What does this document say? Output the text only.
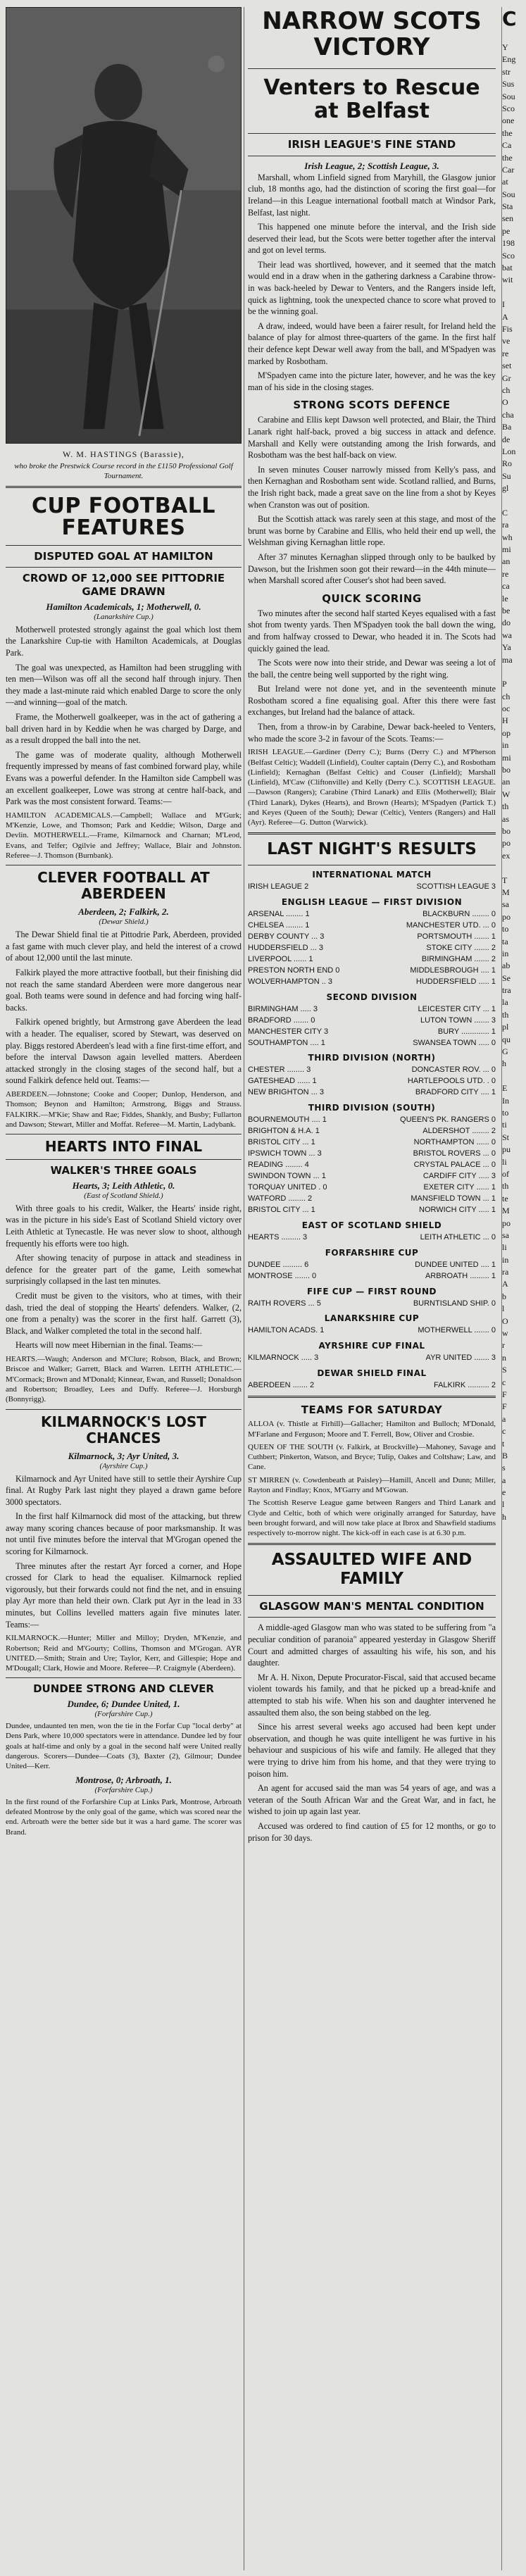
W. M. HASTINGS (Barassie),
who broke the Prestwick Course record in the £1150 Professional Golf Tournament.
CUP FOOTBALL FEATURES
DISPUTED GOAL AT HAMILTON
CROWD OF 12,000 SEE PITTODRIE GAME DRAWN
Hamilton Academicals, 1; Motherwell, 0.
(Lanarkshire Cup.)

Motherwell protested strongly against the goal which lost them the Lanarkshire Cup-tie with Hamilton Academicals, at Douglas Park.

The goal was unexpected, as Hamilton had been struggling with ten men—Wilson was off all the second half through injury. Then they made a last-minute raid which enabled Darge to score the only—and winning—goal of the match.

Frame, the Motherwell goalkeeper, was in the act of gathering a ball driven hard in by Keddie when he was charged by Darge, and as a result dropped the ball into the net.

The game was of moderate quality, although Motherwell frequently impressed by means of fast combined forward play, while Evans was a powerful defender. In the Hamilton side Campbell was an excellent goalkeeper, Lowe was strong at centre half-back, and Park was the most consistent forward. Teams:—

HAMILTON ACADEMICALS.—Campbell; Wallace and M'Gurk; M'Kenzie, Lowe, and Thomson; Park and Keddie; Wilson, Darge and Devlin. MOTHERWELL.—Frame, Kilmarnock and Charnan; M'Leod, Evans, and Telfer; Ogilvie and Jeffrey; Wallace, Blair and Johnston. Referee—J. Thomson (Burnbank).

CLEVER FOOTBALL AT ABERDEEN
Aberdeen, 2; Falkirk, 2.
(Dewar Shield.)

The Dewar Shield final tie at Pittodrie Park, Aberdeen, provided a fast game with much clever play, and held the interest of a crowd of about 12,000 until the last minute.

Falkirk played the more attractive football, but their finishing did not reach the same standard Aberdeen were more dangerous near goal. Both teams were sound in defence and had forcing wing half-backs.

Falkirk opened brightly, but Armstrong gave Aberdeen the lead with a header. The equaliser, scored by Stewart, was deserved on play. Biggs restored Aberdeen's lead with a fine first-time effort, and before the interval Dawson again levelled matters. Aberdeen attacked strongly in the closing stages of the second half, but a sound Falkirk defence held out. Teams:—

ABERDEEN.—Johnstone; Cooke and Cooper; Dunlop, Henderson, and Thomson; Beynon and Hamilton; Armstrong, Biggs and Strauss. FALKIRK.—M'Kie; Shaw and Rae; Fiddes, Shankly, and Busby; Fullarton and Dawson; Stewart, Miller and Moffat. Referee—M. Martin, Ladybank.

HEARTS INTO FINAL
WALKER'S THREE GOALS
Hearts, 3; Leith Athletic, 0.
(East of Scotland Shield.)

With three goals to his credit, Walker, the Hearts' inside right, was in the picture in his side's East of Scotland Shield victory over Leith Athletic at Tynecastle. He was never slow to shoot, although frequently his efforts were too high.

After showing tenacity of purpose in attack and steadiness in defence for the greater part of the game, Leith somewhat surprisingly collapsed in the last ten minutes.

Credit must be given to the visitors, who at times, with their dash, tried the deal of stopping the Hearts' defenders. Walker, (2, one from a penalty) was the scorer in the first half. Garrett (3), Black, and Walker completed the total in the second half.

Hearts will now meet Hibernian in the final. Teams:—

HEARTS.—Waugh; Anderson and M'Clure; Robson, Black, and Brown; Briscoe and Walker; Garrett, Black and Warren. LEITH ATHLETIC.—M'Cormack; Brown and M'Donald; Kinnear, Ewan, and Russell; Donaldson and Robertson; Broadley, Lees and Duffy. Referee—J. Horsburgh (Bonnyrigg).

KILMARNOCK'S LOST CHANCES
Kilmarnock, 3; Ayr United, 3.
(Ayrshire Cup.)

Kilmarnock and Ayr United have still to settle their Ayrshire Cup final. At Rugby Park last night they played a drawn game before 3000 spectators.

In the first half Kilmarnock did most of the attacking, but threw away many scoring chances because of poor marksmanship. It was not until five minutes before the interval that M'Grogan opened the scoring for Kilmarnock.

Three minutes after the restart Ayr forced a corner, and Hope crossed for Clark to head the equaliser. Kilmarnock replied vigorously, but their forwards could not find the net, and in ensuing play Ayr more than held their own. Clark put Ayr in the lead in 33 minutes, but Collins levelled matters again five minutes later. Teams:—

KILMARNOCK.—Hunter; Miller and Milloy; Dryden, M'Kenzie, and Robertson; Reid and M'Gourty; Collins, Thomson and M'Grogan. AYR UNITED.—Smith; Strain and Ure; Taylor, Kerr, and Gillespie; Hope and M'Dougall; Clark, Howie and Moore. Referee—P. Craigmyle (Aberdeen).

DUNDEE STRONG AND CLEVER
Dundee, 6; Dundee United, 1.
(Forfarshire Cup.)

Dundee, undaunted ten men, won the tie in the Forfar Cup "local derby" at Dens Park, where 10,000 spectators were in attendance. Dundee led by four goals at half-time and only by a goal in the second half were United really dangerous. Scorers—Dundee—Coats (3), Baxter (2), Gilmour; Dundee United—Kerr.

Montrose, 0; Arbroath, 1.
(Forfarshire Cup.)

In the first round of the Forfarshire Cup at Links Park, Montrose, Arbroath defeated Montrose by the only goal of the game, which was scored near the end. Arbroath were the better side but it was a hard game. The scorer was Brand.

NARROW SCOTS VICTORY
Venters to Rescue at Belfast
IRISH LEAGUE'S FINE STAND
Irish League, 2; Scottish League, 3.

Marshall, whom Linfield signed from Maryhill, the Glasgow junior club, 18 months ago, had the distinction of scoring the first goal—for Ireland—in this League international football match at Windsor Park, Belfast, last night.

This happened one minute before the interval, and the Irish side deserved their lead, but the Scots were better together after the interval and got on level terms.

Their lead was shortlived, however, and it seemed that the match would end in a draw when in the gathering darkness a Carabine throw-in was back-heeled by Dewar to Venters, and the Rangers inside left, quick as lightning, took the unexpected chance to score what proved to be the winning goal.

A draw, indeed, would have been a fairer result, for Ireland held the balance of play for almost three-quarters of the game. In the first half their defence kept Dewar well away from the ball, and M'Spadyen was marked by Rosbotham.

M'Spadyen came into the picture later, however, and he was the key man of his side in the closing stages.

STRONG SCOTS DEFENCE

Carabine and Ellis kept Dawson well protected, and Blair, the Third Lanark right half-back, proved a big success in attack and defence. Marshall and Kelly were outstanding among the Irish forwards, and Rosbotham was the best half-back on view.

In seven minutes Couser narrowly missed from Kelly's pass, and then Kernaghan and Rosbotham sent wide. Scotland rallied, and Burns, the Irish right back, made a great save on the line from a shot by Keyes when Cranston was out of position.

But the Scottish attack was rarely seen at this stage, and most of the brunt was borne by Carabine and Ellis, who held their end up well, the Welshman giving Kernaghan little rope.

After 37 minutes Kernaghan slipped through only to be baulked by Dawson, but the Irishmen soon got their reward—in the 44th minute—when Marshall scored after Couser's shot had been saved.

QUICK SCORING

Two minutes after the second half started Keyes equalised with a fast shot from twenty yards. Then M'Spadyen took the ball down the wing, and from halfway crossed to Dewar, who headed it in. The Scots had quickly gained the lead.

The Scots were now into their stride, and Dewar was seeing a lot of the ball, the centre being well supported by the right wing.

But Ireland were not done yet, and in the seventeenth minute Rosbotham scored a fine equalising goal. After this there were fast exchanges, but Ireland had the balance of attack.

Then, from a throw-in by Carabine, Dewar back-heeled to Venters, who made the score 3-2 in favour of the Scots. Teams:—

IRISH LEAGUE.—Gardiner (Derry C.); Burns (Derry C.) and M'Pherson (Belfast Celtic); Waddell (Linfield), Coulter captain (Derry C.), and Rosbotham (Linfield); Kernaghan (Belfast Celtic) and Couser (Linfield); Marshall (Linfield), M'Caw (Cliftonville) and Kelly (Derry C.). SCOTTISH LEAGUE.—Dawson (Rangers); Carabine (Third Lanark) and Ellis (Motherwell); Blair (Third Lanark), Dykes (Hearts), and Brown (Hearts); M'Spadyen (Partick T.) and Keyes (Queen of the South); Dewar (Celtic), Venters (Rangers) and Hall (Ayr). Referee—G. Dutton (Warwick).

LAST NIGHT'S RESULTS
INTERNATIONAL MATCH
IRISH LEAGUE 2	SCOTTISH LEAGUE 3
ENGLISH LEAGUE — FIRST DIVISION
ARSENAL ........ 1	BLACKBURN ........ 0
CHELSEA ........ 1	MANCHESTER UTD. ... 0
DERBY COUNTY ... 3	PORTSMOUTH ....... 1
HUDDERSFIELD ... 3	STOKE CITY ....... 2
LIVERPOOL ...... 1	BIRMINGHAM ....... 2
PRESTON NORTH END 0	MIDDLESBROUGH .... 1
WOLVERHAMPTON .. 3	HUDDERSFIELD ..... 1
SECOND DIVISION
BIRMINGHAM ..... 3	LEICESTER CITY ... 1
BRADFORD ....... 0	LUTON TOWN ....... 3
MANCHESTER CITY 3	BURY ............. 1
SOUTHAMPTON .... 1	SWANSEA TOWN ..... 0
THIRD DIVISION (NORTH)
CHESTER ........ 3	DONCASTER ROV. ... 0
GATESHEAD ...... 1	HARTLEPOOLS UTD. . 0
NEW BRIGHTON ... 3	BRADFORD CITY .... 1
THIRD DIVISION (SOUTH)
BOURNEMOUTH .... 1	QUEEN'S PK. RANGERS 0
BRIGHTON & H.A. 1	ALDERSHOT ........ 2
BRISTOL CITY ... 1	NORTHAMPTON ...... 0
IPSWICH TOWN ... 3	BRISTOL ROVERS ... 0
READING ........ 4	CRYSTAL PALACE ... 0
SWINDON TOWN ... 1	CARDIFF CITY ..... 3
TORQUAY UNITED . 0	EXETER CITY ...... 1
WATFORD ........ 2	MANSFIELD TOWN ... 1
BRISTOL CITY ... 1	NORWICH CITY ..... 1
EAST OF SCOTLAND SHIELD
HEARTS ......... 3	LEITH ATHLETIC ... 0
FORFARSHIRE CUP
DUNDEE ......... 6	DUNDEE UNITED .... 1
MONTROSE ....... 0	ARBROATH ......... 1
FIFE CUP — FIRST ROUND
RAITH ROVERS ... 5	BURNTISLAND SHIP. 0
LANARKSHIRE CUP
HAMILTON ACADS. 1	MOTHERWELL ....... 0
AYRSHIRE CUP FINAL
KILMARNOCK ..... 3	AYR UNITED ....... 3
DEWAR SHIELD FINAL
ABERDEEN ....... 2	FALKIRK .......... 2
TEAMS FOR SATURDAY

ALLOA (v. Thistle at Firhill)—Gallacher; Hamilton and Bulloch; M'Donald, M'Farlane and Ferguson; Moore and T. Ferrell, Bow, Oliver and Crosbie.

QUEEN OF THE SOUTH (v. Falkirk, at Brockville)—Mahoney, Savage and Cuthbert; Pinkerton, Watson, and Bryce; Tulip, Oakes and Coltshaw; Law, and Cane.

ST MIRREN (v. Cowdenbeath at Paisley)—Hamill, Ancell and Dunn; Miller, Rayton and Findlay; Knox, M'Garry and M'Gowan.

The Scottish Reserve League game between Rangers and Third Lanark and Clyde and Celtic, both of which were originally arranged for Saturday, have been brought forward, and will now take place at Ibrox and Shawfield stadiums respectively to-morrow night. The kick-off in each case is at 6.30 p.m.

ASSAULTED WIFE AND FAMILY
GLASGOW MAN'S MENTAL CONDITION

A middle-aged Glasgow man who was stated to be suffering from "a peculiar condition of paranoia" appeared yesterday in Glasgow Sheriff Court and admitted charges of assaulting his wife, his son, and his daughter.

Mr A. H. Nixon, Depute Procurator-Fiscal, said that accused became violent towards his family, and that he picked up a bread-knife and attempted to stab his wife. When his son and daughter intervened he assaulted them also, the son being stabbed on the leg.

Since his arrest several weeks ago accused had been kept under observation, and though he was quite intelligent he was furtive in his behaviour and suspicious of his wife and family. He alleged that they were trying to drive him from his home, and that they were trying to poison him.

An agent for accused said the man was 54 years of age, and was a veteran of the South African War and the Great War, and in fact, he wished to join up again last year.

Accused was ordered to find caution of £5 for 12 months, or go to prison for 30 days.

C

Y

Eng

str

Sus

Sou

Sco

one

the

Ca

the

Car

at

Sou

Sta

sen

pe

198

Sco

bat

wit

I

A

Fis

ve

re

set

Gr

ch

O

cha

Ba

de

Lon

Ro

Su

gl

C

ra

wh

mi

an

re

ca

le

be

do

wa

Ya

ma

P

ch

oc

H

op

in

mi

bo

an

W

th

as

bo

po

ex

T

M

sa

po

to

ta

in

ab

Se

tra

la

th

pl

qu

G

h

E

In

to

ti

St

pu

li

of

th

te

M

po

sa

li

in

ra

A

b

l

O

w

r

n

S

c

F

F

a

c

t

B

s

a

e

l

h
